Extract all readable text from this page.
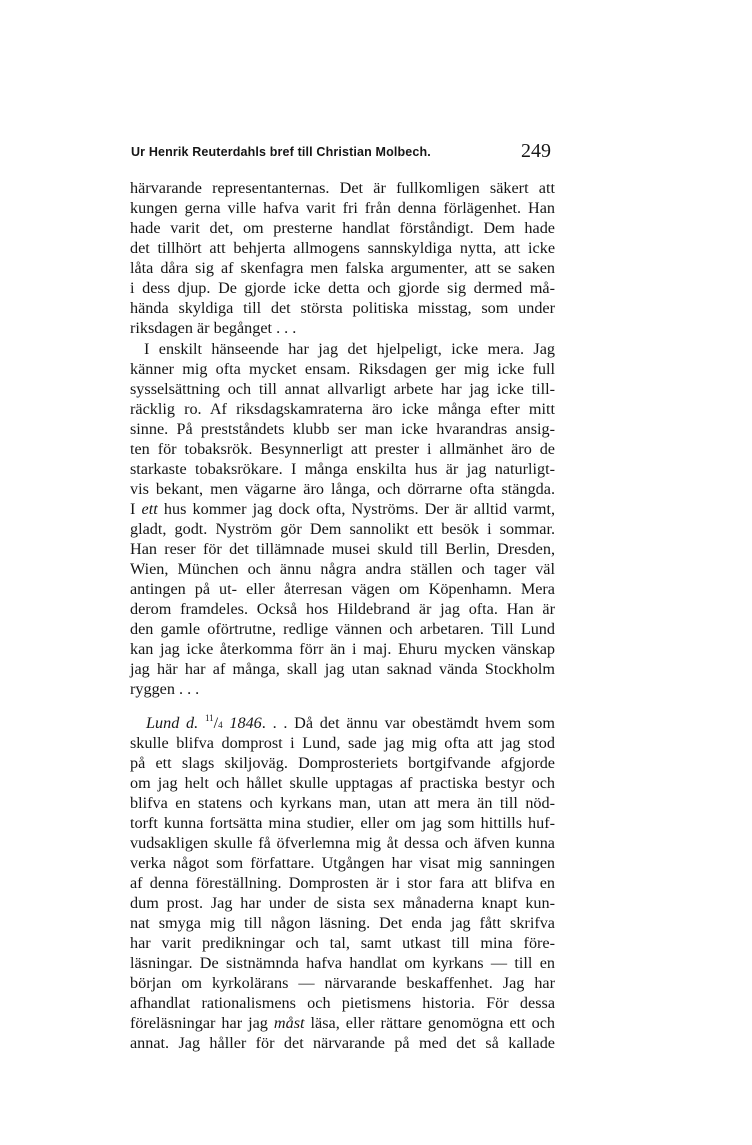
Ur Henrik Reuterdahls bref till Christian Molbech.	249
härvarande representanternas. Det är fullkomligen säkert att
kungen gerna ville hafva varit fri från denna förlägenhet. Han
hade varit det, om presterne handlat förståndigt. Dem hade
det tillhört att behjerta allmogens sannskyldiga nytta, att icke
låta dåra sig af skenfagra men falska argumenter, att se saken
i dess djup. De gjorde icke detta och gjorde sig dermed må-
hända skyldiga till det största politiska misstag, som under
riksdagen är begånget . . .
I enskilt hänseende har jag det hjelpeligt, icke mera. Jag
känner mig ofta mycket ensam. Riksdagen ger mig icke full
sysselsättning och till annat allvarligt arbete har jag icke till-
räcklig ro. Af riksdagskamraterna äro icke många efter mitt
sinne. På prestståndets klubb ser man icke hvarandras ansig-
ten för tobaksrök. Besynnerligt att prester i allmänhet äro de
starkaste tobaksrökare. I många enskilta hus är jag naturligt-
vis bekant, men vägarne äro långa, och dörrarne ofta stängda.
I ett hus kommer jag dock ofta, Nyströms. Der är alltid varmt,
gladt, godt. Nyström gör Dem sannolikt ett besök i sommar.
Han reser för det tillämnade musei skuld till Berlin, Dresden,
Wien, München och ännu några andra ställen och tager väl
antingen på ut- eller återresan vägen om Köpenhamn. Mera
derom framdeles. Också hos Hildebrand är jag ofta. Han är
den gamle oförtrutne, redlige vännen och arbetaren. Till Lund
kan jag icke återkomma förr än i maj. Ehuru mycken vänskap
jag här har af många, skall jag utan saknad vända Stockholm
ryggen . . .
Lund d. $^{11}$/4 1846. . . Då det ännu var obestämdt hvem som
skulle blifva domprost i Lund, sade jag mig ofta att jag stod
på ett slags skiljoväg. Domprosteriets bortgifvande afgjorde
om jag helt och hållet skulle upptagas af practiska bestyr och
blifva en statens och kyrkans man, utan att mera än till nöd-
torft kunna fortsätta mina studier, eller om jag som hittills huf-
vudsakligen skulle få öfverlemna mig åt dessa och äfven kunna
verka något som författare. Utgången har visat mig sanningen
af denna föreställning. Domprosten är i stor fara att blifva en
dum prost. Jag har under de sista sex månaderna knapt kun-
nat smyga mig till någon läsning. Det enda jag fått skrifva
har varit predikningar och tal, samt utkast till mina före-
läsningar. De sistnämnda hafva handlat om kyrkans — till en
början om kyrkolärans — närvarande beskaffenhet. Jag har
afhandlat rationalismens och pietismens historia. För dessa
föreläsningar har jag måst läsa, eller rättare genomögna ett och
annat. Jag håller för det närvarande på med det så kallade
